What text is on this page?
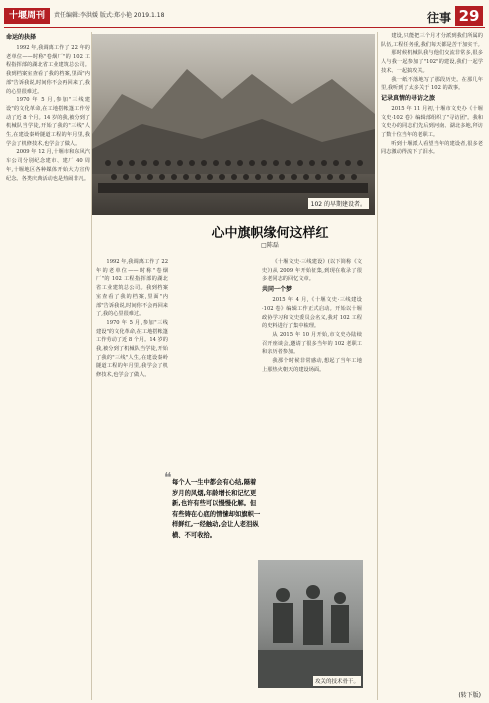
十堰周刊	责任编辑:李洪媛 版式:郑小艳 2019.1.18	往事 29
命运的抉择

1992 年,我调离工作了 22 年的老单位——时称"卷烟厂"的 102 工程指挥部的湖北省工业建筑总公司。我到档案室查看了我的档案,里面"内部"告诉我说,时间你不会再回来了,我的心里很难过。

1970 年 5 月,参加"三线建设"的文化革命,在工地搭帐篷工作劳动了近 8 个月。14 岁的我,被分到了机械队当学徒,开始了我的"三线"人生,在建设秦岭隧道工程的年月里,我学会了机修技术,也学会了做人。

2009 年 12 月,十堰市和东风汽车公司分别纪念建市、建厂 40 周年,十堰地区各种媒体开始大力宣传纪念。各类庆典活动也是热闹非凡。

102 的早期建设者。
心中旗帜缘何这样红
□陈磊

1992 年,我调离工作了 22 年的老单位——时称"卷烟厂"的 102 工程指挥部的湖北省工业建筑总公司。我到档案室查看了我的档案,里面"内部"告诉我说,时间你不会再回来了,我的心里很难过。

1970 年 5 月,参加"三线建设"的文化革命,在工地搭帐篷工作劳动了近 8 个月。14 岁的我,被分到了机械队当学徒,开始了我的"三线"人生,在建设秦岭隧道工程的年月里,我学会了机修技术,也学会了做人。

❝ 每个人一生中都会有心结,隔着岁月的风烟,年龄增长和记忆更新,也许有些可以慢慢化解。但有些铸在心底的情愫却如旗帜一样鲜红,一经触动,会让人老泪纵横、不可收拾。

《十堰文史·三线建设》(以下简称《文史》)从 2009 年开始征集,到现在收录了很多老同志的回忆文章。

共同一个梦

2015 年 4 月,《十堰文史·三线建设·102 卷》编辑工作正式启动。开始以十堰政协学习和文史委员会名义,我对 102 工程的史料进行了集中梳理。

从 2015 年 10 月开始,市文史办陆续召开座谈会,邀请了很多当年的 102 老职工和亲历者参加。

我那个时候非常感动,想起了当年工地上那热火朝天的建设场面。

攻关的技术骨干。

建设,只能把三个月才分派到我们所属的队伍,工程任务重,我们每天都是苦干加实干。

那时候机械队我与他们交流非常多,很多人与我一起参加了"102"的建设,我们一起学技术、一起搞攻关。

我一纸不落地写了那段历史。在那几年里,我听到了太多关于 102 的故事。

记录真情的寻访之旅

2015 年 11 月初,十堰市文史办《十堰文史·102 卷》编辑部组织了"寻访团"。我和文史办的同志们先后到河南、湖北多地,拜访了数十位当年的老职工。

听到十堰派人看望当年的建设者,很多老同志激动得流下了泪水。

(转下版)
